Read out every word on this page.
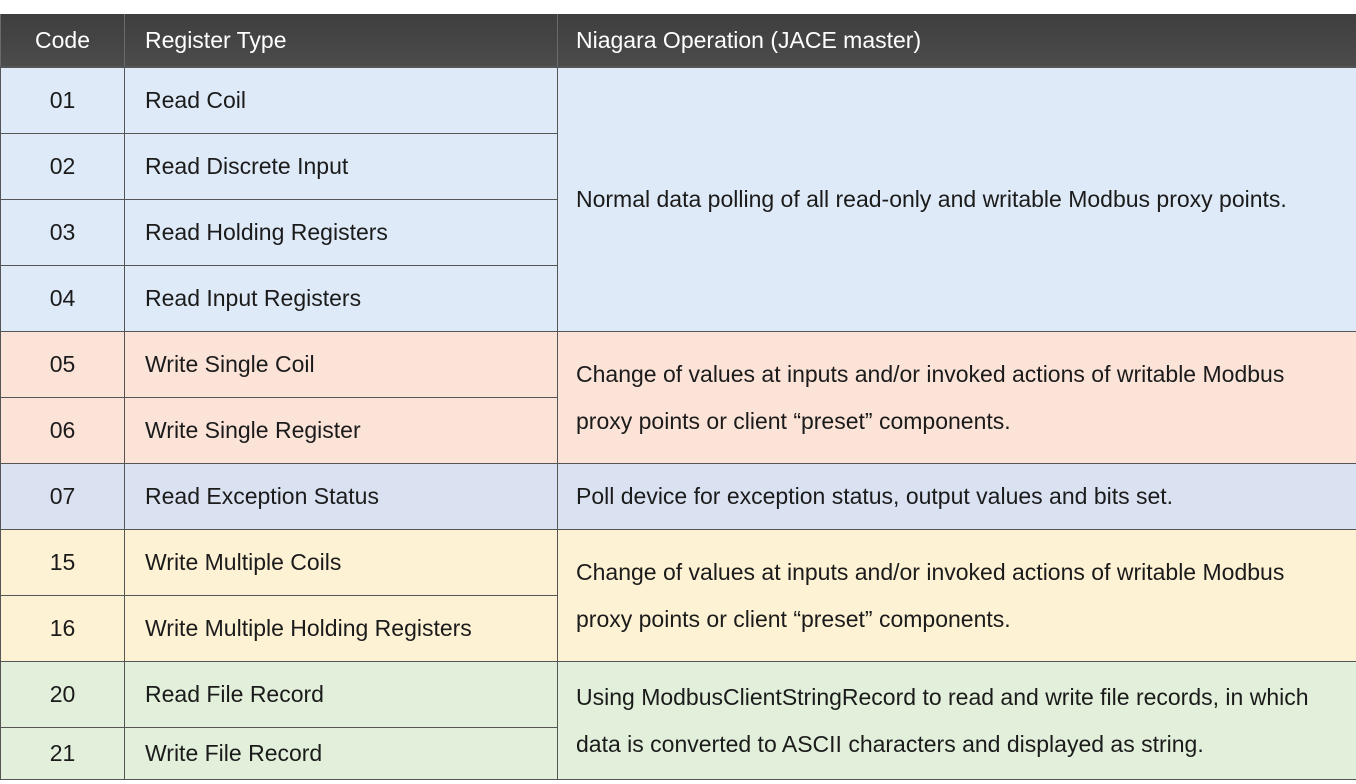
Code	Register Type	Niagara Operation (JACE master)
01	Read Coil	Normal data polling of all read-only and writable Modbus proxy points.
02	Read Discrete Input	
03	Read Holding Registers	
04	Read Input Registers	
05	Write Single Coil	Change of values at inputs and/or invoked actions of writable Modbus proxy points or client “preset” components.
06	Write Single Register	
07	Read Exception Status	Poll device for exception status, output values and bits set.
15	Write Multiple Coils	Change of values at inputs and/or invoked actions of writable Modbus proxy points or client “preset” components.
16	Write Multiple Holding Registers	
20	Read File Record	Using ModbusClientStringRecord to read and write file records, in which data is converted to ASCII characters and displayed as string.
21	Write File Record	
